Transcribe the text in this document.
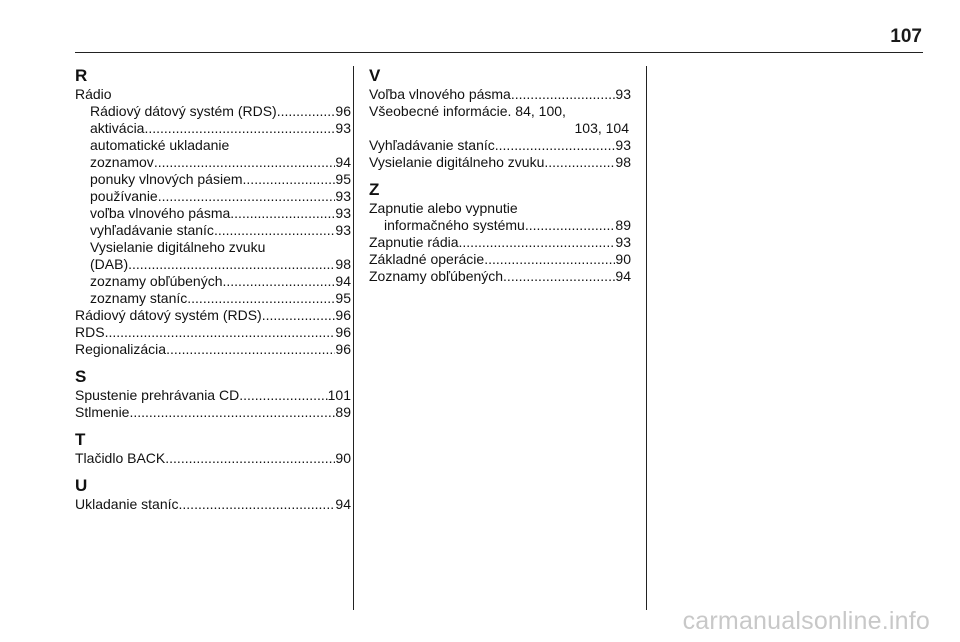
107
R
Rádio
Rádiový dátový systém (RDS) .....	96
aktivácia .....	93
automatické ukladanie
zoznamov .....	94
ponuky vlnových pásiem .....	95
používanie .....	93
voľba vlnového pásma .....	93
vyhľadávanie staníc .....	93
Vysielanie digitálneho zvuku
(DAB) .....	98
zoznamy obľúbených .....	94
zoznamy staníc .....	95
Rádiový dátový systém (RDS) .....	96
RDS .....	96
Regionalizácia .....	96
S
Spustenie prehrávania CD .....	101
Stlmenie .....	89
T
Tlačidlo BACK .....	90
U
Ukladanie staníc .....	94
V
Voľba vlnového pásma .....	93
Všeobecné informácie. 84, 100,
103, 104
Vyhľadávanie staníc .....	93
Vysielanie digitálneho zvuku .....	98
Z
Zapnutie alebo vypnutie
informačného systému .....	89
Zapnutie rádia .....	93
Základné operácie .....	90
Zoznamy obľúbených .....	94
carmanualsonline.info
